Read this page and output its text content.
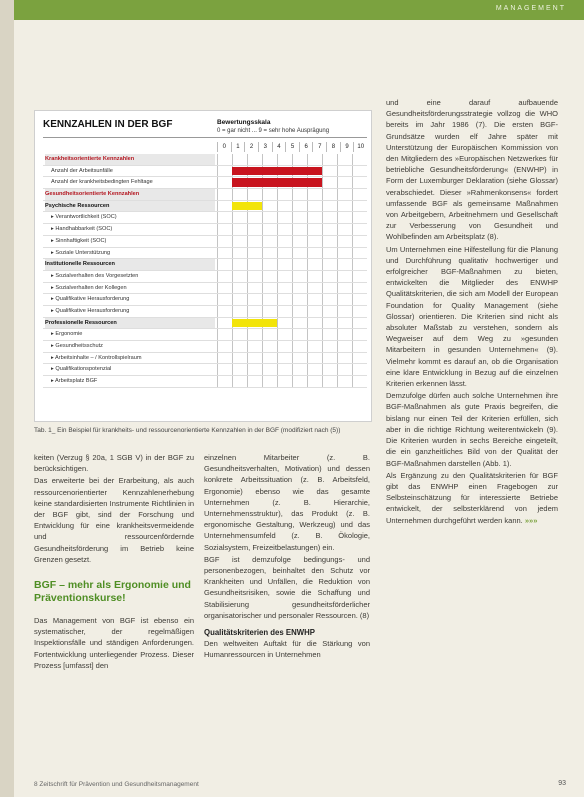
MANAGEMENT
KENNZAHLEN IN DER BGF	Bewertungsskala
0 = gar nicht ... 9 = sehr hohe Ausprägung
0	1	2	3	4	5	6	7	8	9	10
Krankheitsorientierte Kennzahlen
Anzahl der Arbeitsunfälle
Anzahl der krankheitsbedingten Fehltage
Gesundheitsorientierte Kennzahlen
Psychische Ressourcen
▸ Verantwortlichkeit (SOC)
▸ Handhabbarkeit (SOC)
▸ Sinnhaftigkeit (SOC)
▸ Soziale Unterstützung
Institutionelle Ressourcen
▸ Sozialverhalten des Vorgesetzten
▸ Sozialverhalten der Kollegen
▸ Qualifikative Herausforderung
▸ Qualifikative Herausforderung
Professionelle Ressourcen
▸ Ergonomie
▸ Gesundheitsschutz
▸ Arbeitsinhalte – / Kontrollspielraum
▸ Qualifikationspotenzial
▸ Arbeitsplatz BGF
Tab. 1_ Ein Beispiel für krankheits- und ressourcenorientierte Kennzahlen in der BGF (modifiziert nach (5))

keiten (Verzug § 20a, 1 SGB V) in der BGF zu berücksichtigen.

Das erweiterte bei der Erarbeitung, als auch ressourcenorientierter Kennzahlenerhebung keine standardisierten Instrumente Richtlinien in der BGF gibt, sind der Forschung und Entwicklung für eine krankheitsvermeidende und ressourcenfördernde Gesundheitsförderung im Betrieb keine Grenzen gesetzt.

BGF – mehr als Ergonomie und Präventionskurse!

Das Management von BGF ist ebenso ein systematischer, der regelmäßigen Inspektionsfälle und ständigen Anforderungen. Fortentwicklung unterliegender Prozess. Dieser Prozess [umfasst] den

einzelnen Mitarbeiter (z. B. Gesundheitsverhalten, Motivation) und dessen konkrete Arbeitssituation (z. B. Arbeitsfeld, Ergonomie) ebenso wie das gesamte Unternehmen (z. B. Hierarchie, Unternehmensstruktur), das Produkt (z. B. ergonomische Gestaltung, Werkzeug) und das Unternehmensumfeld (z. B. Ökologie, Sozialsystem, Freizeitbelastungen) ein.

BGF ist demzufolge bedingungs- und personenbezogen, beinhaltet den Schutz vor Krankheiten und Unfällen, die Reduktion von Gesundheitsrisiken, sowie die Schaffung und Stabilisierung gesundheitsförderlicher organisatorischer und personaler Ressourcen. (8)

Qualitätskriterien des ENWHP

Den weltweiten Auftakt für die Stärkung von Humanressourcen in Unternehmen

und eine darauf aufbauende Gesundheitsförderungsstrategie vollzog die WHO bereits im Jahr 1986 (7). Die ersten BGF-Grundsätze wurden elf Jahre später mit Unterstützung der Europäischen Kommission von den Mitgliedern des »Europäischen Netzwerkes für betriebliche Gesundheitsförderung« (ENWHP) in Form der Luxemburger Deklaration (siehe Glossar) verabschiedet. Dieser »Rahmenkonsens« fordert umfassende BGF als gemeinsame Maßnahmen von Arbeitgebern, Arbeitnehmern und Gesellschaft zur Verbesserung von Gesundheit und Wohlbefinden am Arbeitsplatz (8).

Um Unternehmen eine Hilfestellung für die Planung und Durchführung qualitativ hochwertiger und erfolgreicher BGF-Maßnahmen zu bieten, entwickelten die Mitglieder des ENWHP Qualitätskriterien, die sich am Modell der European Foundation for Quality Management (siehe Glossar) orientieren. Die Kriterien sind nicht als absoluter Maßstab zu verstehen, sondern als Wegweiser auf dem Weg zu »gesunden Mitarbeitern in gesunden Unternehmen« (9). Vielmehr kommt es darauf an, ob die Organisation eine klare Entwicklung in Bezug auf die einzelnen Kriterien erkennen lässt.

Demzufolge dürfen auch solche Unternehmen ihre BGF-Maßnahmen als gute Praxis begreifen, die bislang nur einen Teil der Kriterien erfüllen, sich aber in die richtige Richtung weiterentwickeln (9). Die Kriterien wurden in sechs Bereiche eingeteilt, die ein ganzheitliches Bild von der Qualität der BGF-Maßnahmen darstellen (Abb. 1).

Als Ergänzung zu den Qualitätskriterien für BGF gibt das ENWHP einen Fragebogen zur Selbsteinschätzung für interessierte Betriebe entwickelt, der selbsterklärend von jedem Unternehmen durchgeführt werden kann. »»»

8 Zeitschrift für Prävention und Gesundheitsmanagement	93
